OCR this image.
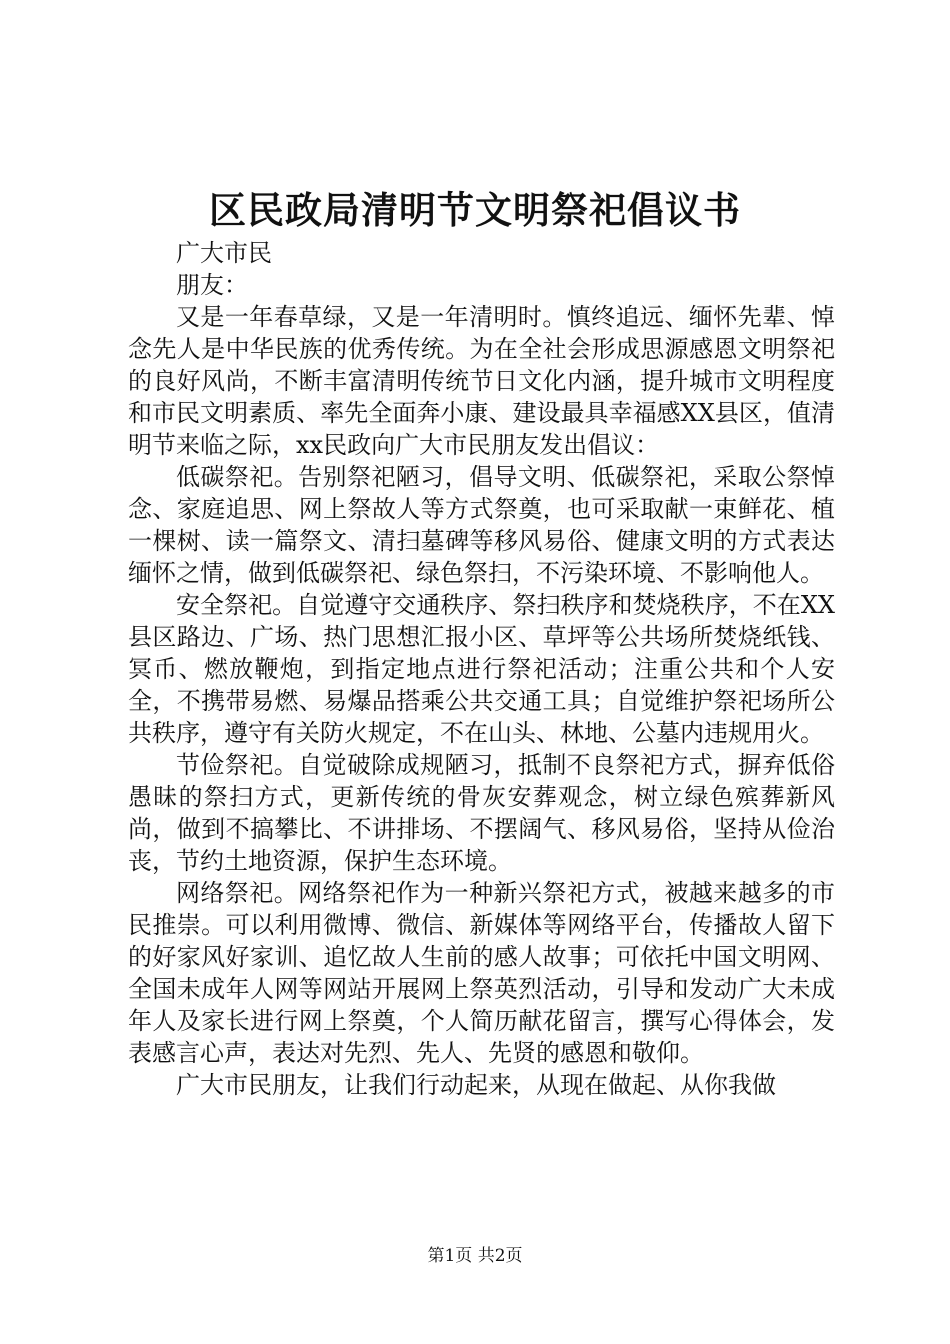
区民政局清明节文明祭祀倡议书

广大市民

朋友：

又是一年春草绿，又是一年清明时。慎终追远、缅怀先辈、悼念先人是中华民族的优秀传统。为在全社会形成思源感恩文明祭祀的良好风尚，不断丰富清明传统节日文化内涵，提升城市文明程度和市民文明素质、率先全面奔小康、建设最具幸福感XX县区，值清明节来临之际，xx民政向广大市民朋友发出倡议：

低碳祭祀。告别祭祀陋习，倡导文明、低碳祭祀，采取公祭悼念、家庭追思、网上祭故人等方式祭奠，也可采取献一束鲜花、植一棵树、读一篇祭文、清扫墓碑等移风易俗、健康文明的方式表达缅怀之情，做到低碳祭祀、绿色祭扫，不污染环境、不影响他人。

安全祭祀。自觉遵守交通秩序、祭扫秩序和焚烧秩序，不在XX县区路边、广场、热门思想汇报小区、草坪等公共场所焚烧纸钱、冥币、燃放鞭炮，到指定地点进行祭祀活动；注重公共和个人安全，不携带易燃、易爆品搭乘公共交通工具；自觉维护祭祀场所公共秩序，遵守有关防火规定，不在山头、林地、公墓内违规用火。

节俭祭祀。自觉破除成规陋习，抵制不良祭祀方式，摒弃低俗愚昧的祭扫方式，更新传统的骨灰安葬观念，树立绿色殡葬新风尚，做到不搞攀比、不讲排场、不摆阔气、移风易俗，坚持从俭治丧，节约土地资源，保护生态环境。

网络祭祀。网络祭祀作为一种新兴祭祀方式，被越来越多的市民推崇。可以利用微博、微信、新媒体等网络平台，传播故人留下的好家风好家训、追忆故人生前的感人故事；可依托中国文明网、全国未成年人网等网站开展网上祭英烈活动，引导和发动广大未成年人及家长进行网上祭奠，个人简历献花留言，撰写心得体会，发表感言心声，表达对先烈、先人、先贤的感恩和敬仰。

广大市民朋友，让我们行动起来，从现在做起、从你我做

第1页 共2页
